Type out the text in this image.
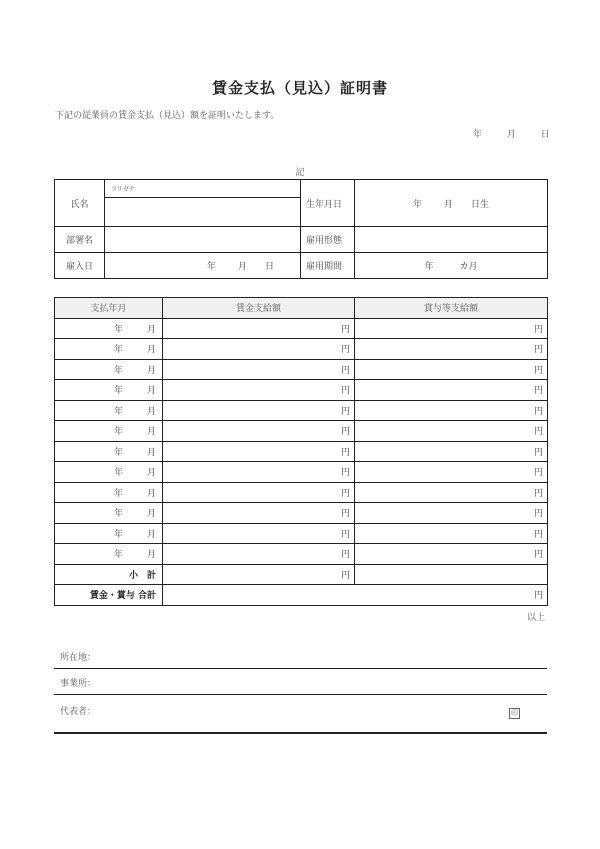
賃金支払（見込）証明書
下記の従業員の賃金支払（見込）額を証明いたします。
年	月	日
記
氏名	フリガナ	生年月日	年 月 日生

部署名		雇用形態	
雇入日	年 月 日	雇用期間	年 カ月
支払年月	賃金支給額	賞与等支給額
年 月	円	円
年 月	円	円
年 月	円	円
年 月	円	円
年 月	円	円
年 月	円	円
年 月	円	円
年 月	円	円
年 月	円	円
年 月	円	円
年 月	円	円
年 月	円	円
小　計	円	
賃金・賞与 合計	円	
以上
所在地：
事業所：
代表者：	印
